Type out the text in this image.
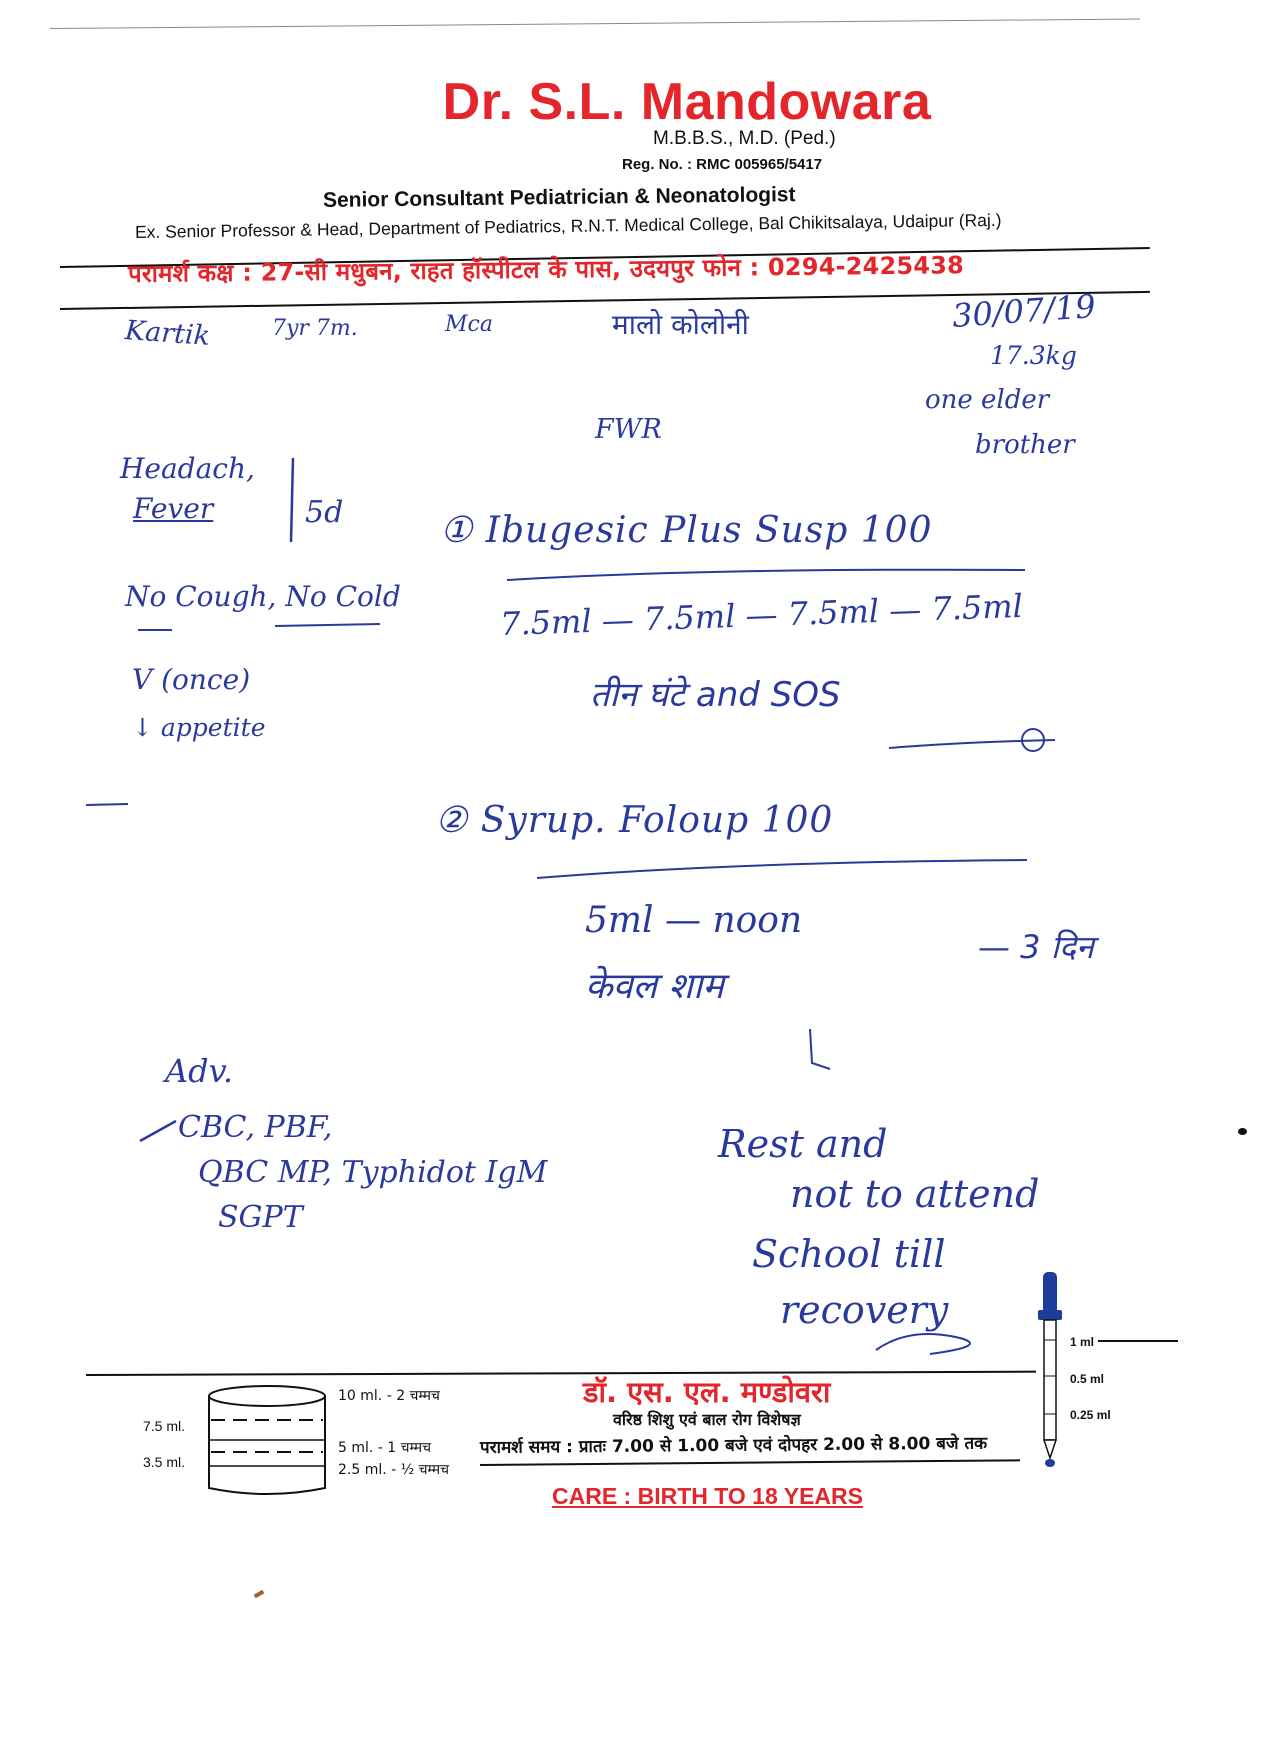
Dr. S.L. Mandowara
M.B.B.S., M.D. (Ped.)
Reg. No. : RMC 005965/5417
Senior Consultant Pediatrician & Neonatologist
Ex. Senior Professor & Head, Department of Pediatrics, R.N.T. Medical College, Bal Chikitsalaya, Udaipur (Raj.)
परामर्श कक्ष : 27-सी मधुबन, राहत हॉस्पीटल के पास, उदयपुर फोन : 0294-2425438
Kartik	7yr 7m.	Mca	मालो कोलोनी	30/07/19
17.3kg
one elder
brother
FWR
Headach,
Fever	5d
No Cough, No Cold
V (once)
↓ appetite
① Ibugesic Plus Susp 100
7.5ml — 7.5ml — 7.5ml — 7.5ml
तीन घंटे and SOS
② Syrup. Foloup 100
5ml — noon
केवल शाम
— 3 दिन
Adv.
CBC, PBF,
QBC MP, Typhidot IgM
SGPT
Rest and
not to attend
School till
recovery
7.5 ml.
3.5 ml.
10 ml. - 2 चम्मच
5 ml. - 1 चम्मच
2.5 ml. - ½ चम्मच
डॉ. एस. एल. मण्डोवरा
वरिष्ठ शिशु एवं बाल रोग विशेषज्ञ
परामर्श समय : प्रातः 7.00 से 1.00 बजे एवं दोपहर 2.00 से 8.00 बजे तक
CARE : BIRTH TO 18 YEARS
1 ml
0.5 ml
0.25 ml
